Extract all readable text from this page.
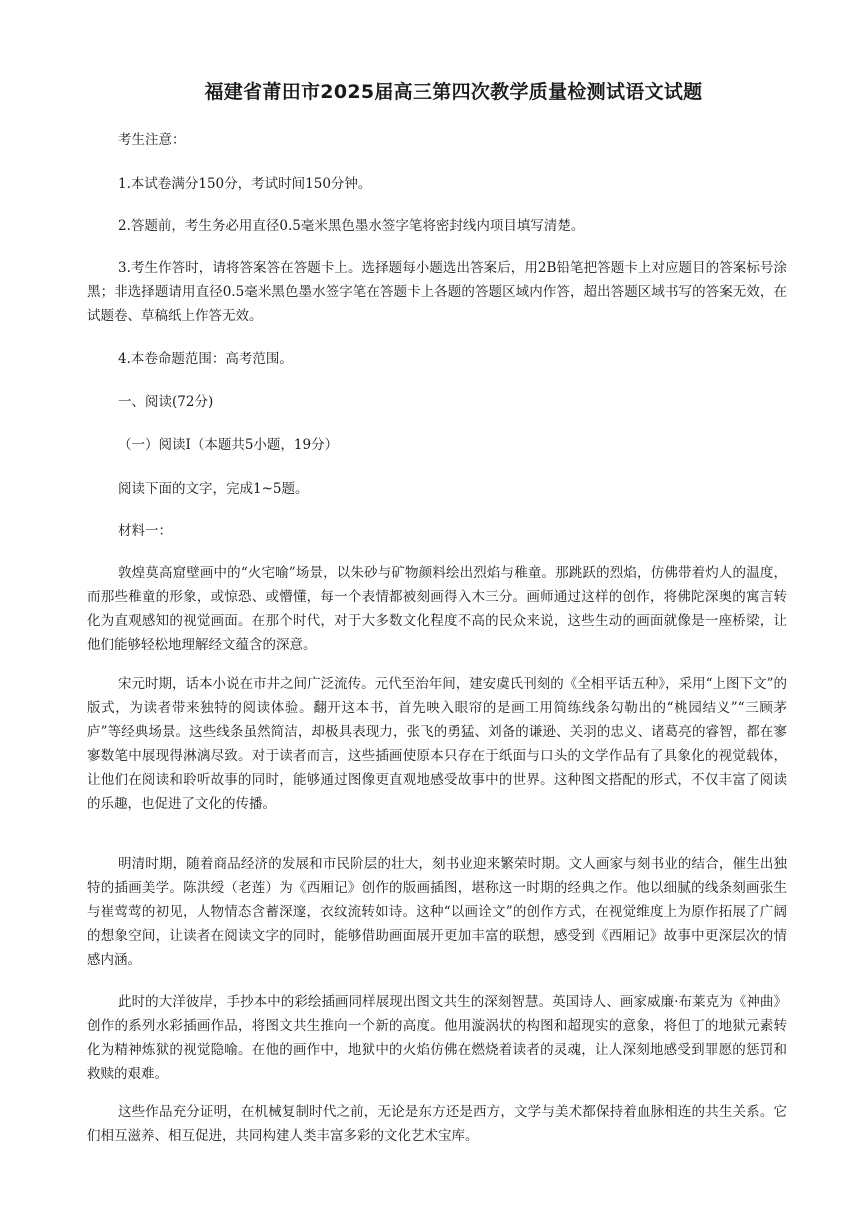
福建省莆田市2025届高三第四次教学质量检测试语文试题
考生注意：
1.本试卷满分150分，考试时间150分钟。
2.答题前，考生务必用直径0.5毫米黑色墨水签字笔将密封线内项目填写清楚。
3.考生作答时，请将答案答在答题卡上。选择题每小题选出答案后，用2B铅笔把答题卡上对应题目的答案标号涂黑；非选择题请用直径0.5毫米黑色墨水签字笔在答题卡上各题的答题区域内作答，超出答题区域书写的答案无效，在试题卷、草稿纸上作答无效。
4.本卷命题范围：高考范围。
一、阅读(72分)
（一）阅读Ⅰ（本题共5小题，19分）
阅读下面的文字，完成1~5题。
材料一：
敦煌莫高窟壁画中的“火宅喻”场景，以朱砂与矿物颜料绘出烈焰与稚童。那跳跃的烈焰，仿佛带着灼人的温度，而那些稚童的形象，或惊恐、或懵懂，每一个表情都被刻画得入木三分。画师通过这样的创作，将佛陀深奥的寓言转化为直观感知的视觉画面。在那个时代，对于大多数文化程度不高的民众来说，这些生动的画面就像是一座桥梁，让他们能够轻松地理解经文蕴含的深意。
宋元时期，话本小说在市井之间广泛流传。元代至治年间，建安虞氏刊刻的《全相平话五种》，采用“上图下文”的版式，为读者带来独特的阅读体验。翻开这本书，首先映入眼帘的是画工用简练线条勾勒出的“桃园结义”“三顾茅庐”等经典场景。这些线条虽然简洁，却极具表现力，张飞的勇猛、刘备的谦逊、关羽的忠义、诸葛亮的睿智，都在寥寥数笔中展现得淋漓尽致。对于读者而言，这些插画使原本只存在于纸面与口头的文学作品有了具象化的视觉载体，让他们在阅读和聆听故事的同时，能够通过图像更直观地感受故事中的世界。这种图文搭配的形式，不仅丰富了阅读的乐趣，也促进了文化的传播。
明清时期，随着商品经济的发展和市民阶层的壮大，刻书业迎来繁荣时期。文人画家与刻书业的结合，催生出独特的插画美学。陈洪绶（老莲）为《西厢记》创作的版画插图，堪称这一时期的经典之作。他以细腻的线条刻画张生与崔莺莺的初见，人物情态含蓄深邃，衣纹流转如诗。这种“以画诠文”的创作方式，在视觉维度上为原作拓展了广阔的想象空间，让读者在阅读文字的同时，能够借助画面展开更加丰富的联想，感受到《西厢记》故事中更深层次的情感内涵。
此时的大洋彼岸，手抄本中的彩绘插画同样展现出图文共生的深刻智慧。英国诗人、画家威廉·布莱克为《神曲》创作的系列水彩插画作品，将图文共生推向一个新的高度。他用漩涡状的构图和超现实的意象，将但丁的地狱元素转化为精神炼狱的视觉隐喻。在他的画作中，地狱中的火焰仿佛在燃烧着读者的灵魂，让人深刻地感受到罪愿的惩罚和救赎的艰难。
这些作品充分证明，在机械复制时代之前，无论是东方还是西方，文学与美术都保持着血脉相连的共生关系。它们相互滋养、相互促进，共同构建人类丰富多彩的文化艺术宝库。
